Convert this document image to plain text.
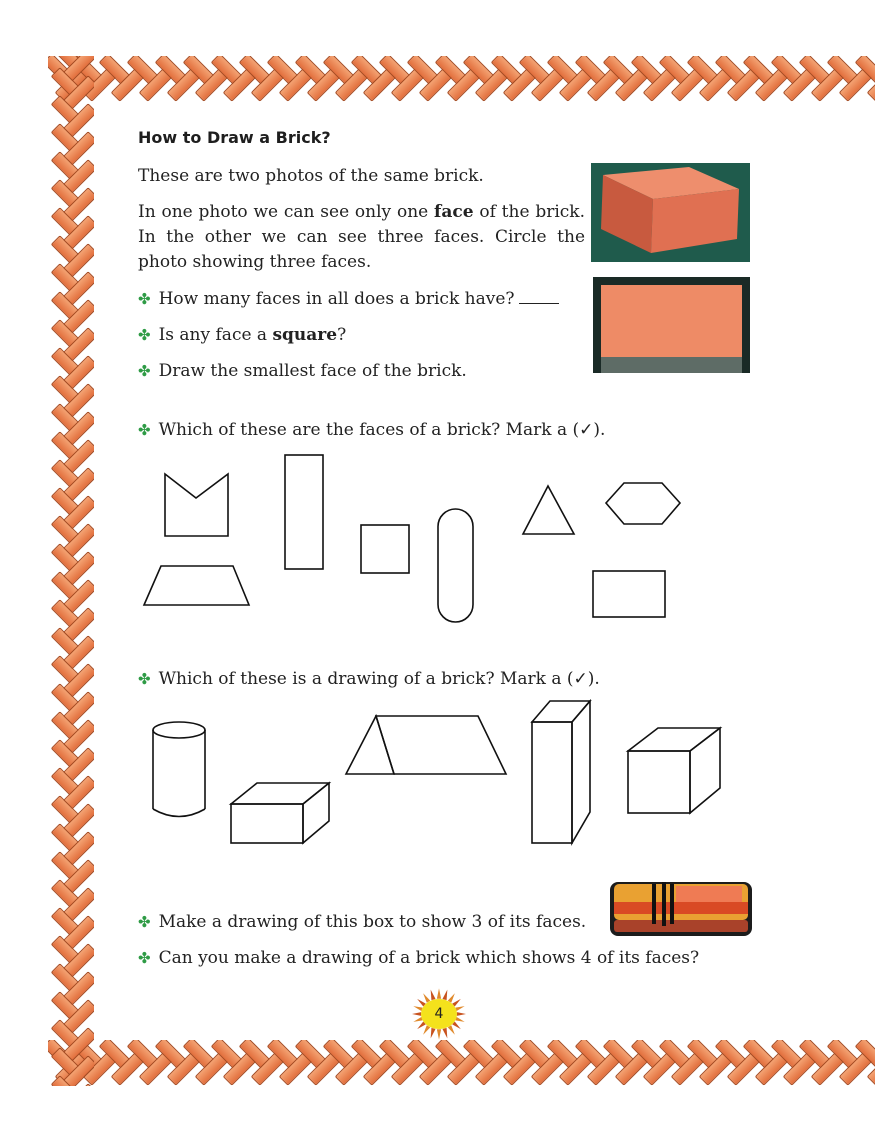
How to Draw a Brick?

These are two photos of the same brick.

In one photo we can see only one face of the brick. In the other we can see three faces. Circle the photo showing three faces.

✤ How many faces in all does a brick have?
✤ Is any face a square?
✤ Draw the smallest face of the brick.
✤ Which of these are the faces of a brick? Mark a (✓).
✤ Which of these is a drawing of a brick? Mark a (✓).
✤ Make a drawing of this box to show 3 of its faces.
✤ Can you make a drawing of a brick which shows 4 of its faces?
4
